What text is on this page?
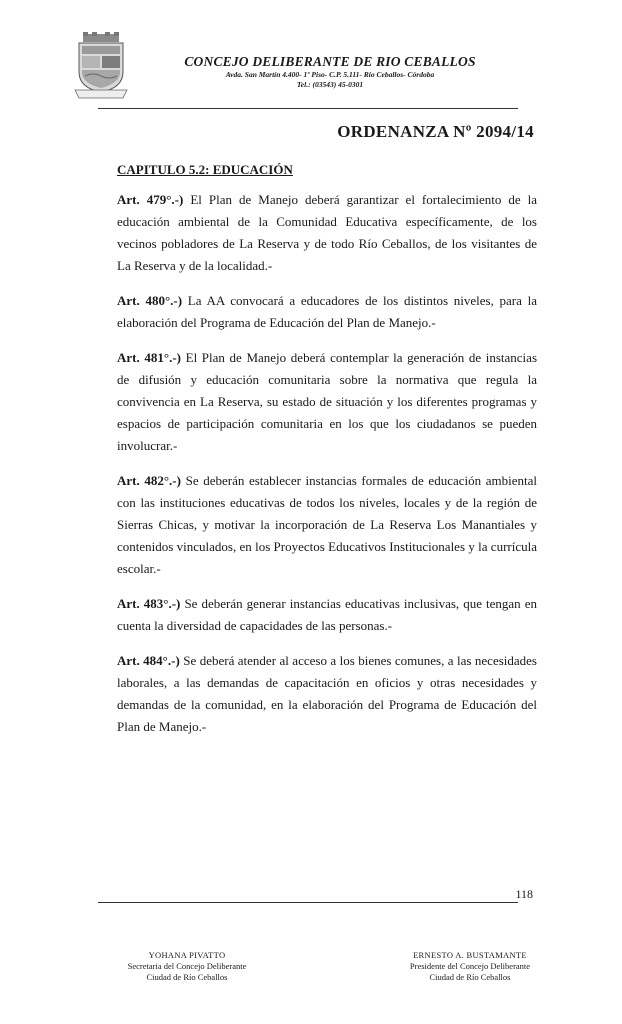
CONCEJO DELIBERANTE DE RIO CEBALLOS
Avda. San Martín 4.400- 1º Piso- C.P. 5.111- Rio Ceballos- Córdoba
Tel.: (03543) 45-0301
ORDENANZA Nº 2094/14
CAPITULO 5.2: EDUCACIÓN

Art. 479°.-) El Plan de Manejo deberá garantizar el fortalecimiento de la educación ambiental de la Comunidad Educativa específicamente, de los vecinos pobladores de La Reserva y de todo Río Ceballos, de los visitantes de La Reserva y de la localidad.-

Art. 480°.-) La AA convocará a educadores de los distintos niveles, para la elaboración del Programa de Educación del Plan de Manejo.-

Art. 481°.-) El Plan de Manejo deberá contemplar la generación de instancias de difusión y educación comunitaria sobre la normativa que regula la convivencia en La Reserva, su estado de situación y los diferentes programas y espacios de participación comunitaria en los que los ciudadanos se pueden involucrar.-

Art. 482°.-) Se deberán establecer instancias formales de educación ambiental con las instituciones educativas de todos los niveles, locales y de la región de Sierras Chicas, y motivar la incorporación de La Reserva Los Manantiales y contenidos vinculados, en los Proyectos Educativos Institucionales y la currícula escolar.-

Art. 483°.-) Se deberán generar instancias educativas inclusivas, que tengan en cuenta la diversidad de capacidades de las personas.-

Art. 484°.-) Se deberá atender al acceso a los bienes comunes, a las necesidades laborales, a las demandas de capacitación en oficios y otras necesidades y demandas de la comunidad, en la elaboración del Programa de Educación del Plan de Manejo.-

118
YOHANA PIVATTO
Secretaria del Concejo Deliberante
Ciudad de Río Ceballos
ERNESTO A. BUSTAMANTE
Presidente del Concejo Deliberante
Ciudad de Río Ceballos
